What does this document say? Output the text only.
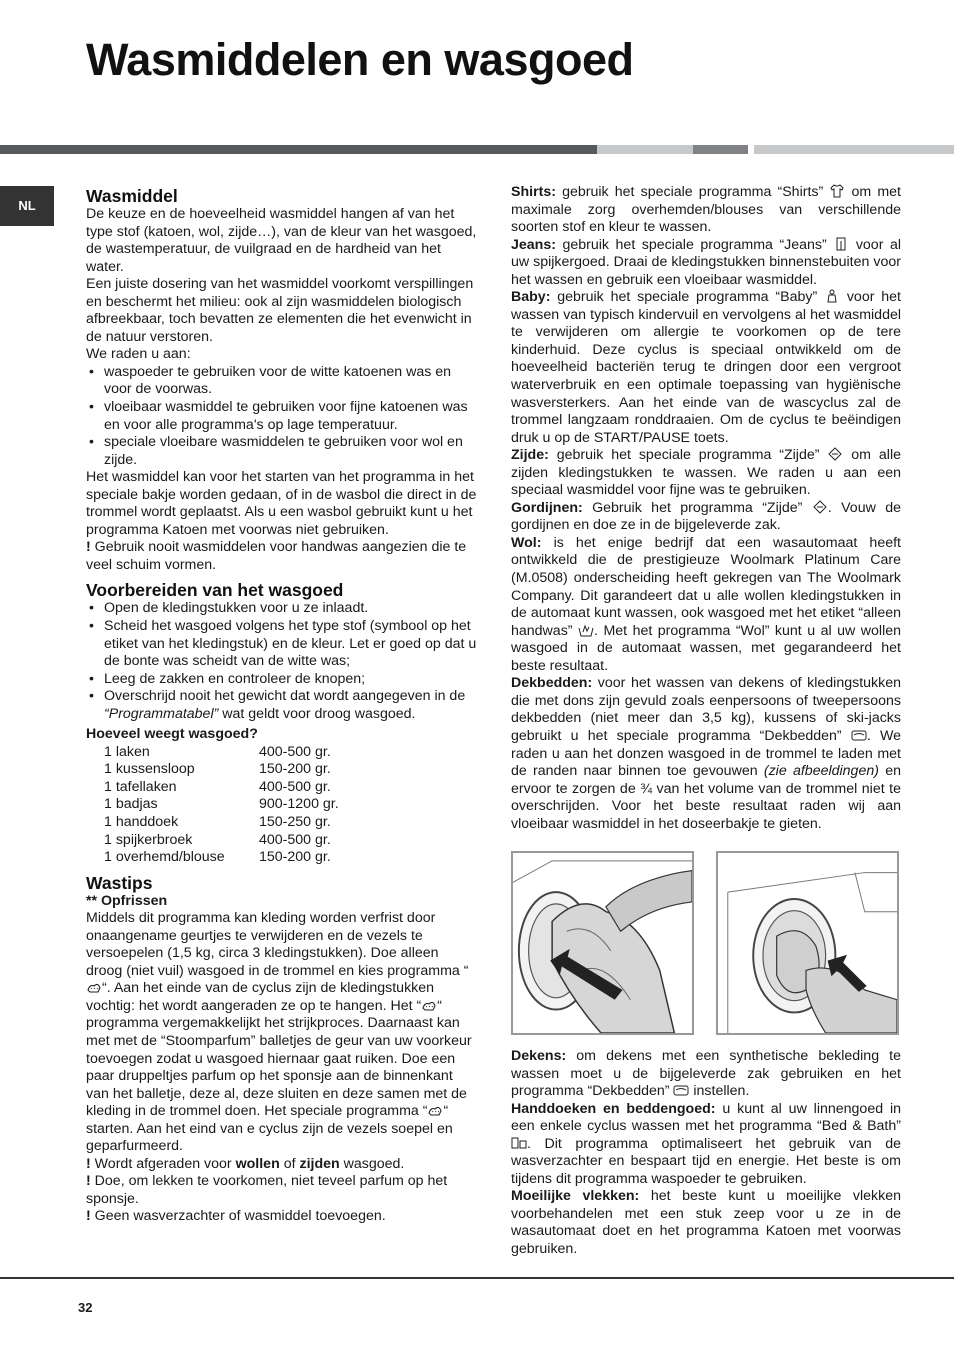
Wasmiddelen en wasgoed
NL	Wasmiddel

De keuze en de hoeveelheid wasmiddel hangen af van het type stof (katoen, wol, zijde…), van de kleur van het wasgoed, de wastemperatuur, de vuilgraad en de hardheid van het water.

Een juiste dosering van het wasmiddel voorkomt verspillingen en beschermt het milieu: ook al zijn wasmiddelen biologisch afbreekbaar, toch bevatten ze elementen die het evenwicht in de natuur verstoren.

We raden u aan:

• waspoeder te gebruiken voor de witte katoenen was en voor de voorwas.
• vloeibaar wasmiddel te gebruiken voor fijne katoenen was en voor alle programma's op lage temperatuur.
• speciale vloeibare wasmiddelen te gebruiken voor wol en zijde.

Het wasmiddel kan voor het starten van het programma in het speciale bakje worden gedaan, of in de wasbol die direct in de trommel wordt geplaatst. Als u een wasbol gebruikt kunt u het programma Katoen met voorwas niet gebruiken.

! Gebruik nooit wasmiddelen voor handwas aangezien die te veel schuim vormen.

Voorbereiden van het wasgoed
• Open de kledingstukken voor u ze inlaadt.
• Scheid het wasgoed volgens het type stof (symbool op het etiket van het kledingstuk) en de kleur. Let er goed op dat u de bonte was scheidt van de witte was;
• Leeg de zakken en controleer de knopen;
• Overschrijd nooit het gewicht dat wordt aangegeven in de “Programmatabel” wat geldt voor droog wasgoed.
Hoeveel weegt wasgoed?
1 laken	400-500 gr.
1 kussensloop	150-200 gr.
1 tafellaken	400-500 gr.
1 badjas	900-1200 gr.
1 handdoek	150-250 gr.
1 spijkerbroek	400-500 gr.
1 overhemd/blouse	150-200 gr.
Wastips
** Opfrissen

Middels dit programma kan kleding worden verfrist door onaangename geurtjes te verwijderen en de vezels te versoepelen (1,5 kg, circa 3 kledingstukken). Doe alleen droog (niet vuil) wasgoed in de trommel en kies programma “
“. Aan het einde van de cyclus zijn de kledingstukken vochtig: het wordt aangeraden ze op te hangen. Het “ “ programma vergemakkelijkt het strijkproces. Daarnaast kan met met de “Stoomparfum” balletjes de geur van uw voorkeur toevoegen zodat u wasgoed hiernaar gaat ruiken. Doe een paar druppeltjes parfum op het sponsje aan de binnenkant van het balletje, deze al, deze sluiten en deze samen met de kleding in de trommel doen. Het speciale programma “ “ starten. Aan het eind van e cyclus zijn de vezels soepel en geparfurmeerd.

! Wordt afgeraden voor wollen of zijden wasgoed.

! Doe, om lekken te voorkomen, niet teveel parfum op het sponsje.

! Geen wasverzachter of wasmiddel toevoegen.

Shirts: gebruik het speciale programma “Shirts”
om met maximale zorg overhemden/blouses van verschillende soorten stof en kleur te wassen.

Jeans: gebruik het speciale programma “Jeans”
voor al uw spijkergoed. Draai de kledingstukken binnenstebuiten voor het wassen en gebruik een vloeibaar wasmiddel.

Baby: gebruik het speciale programma “Baby”
voor het wassen van typisch kindervuil en vervolgens al het wasmiddel te verwijderen om allergie te voorkomen op de tere kinderhuid. Deze cyclus is speciaal ontwikkeld om de hoeveelheid bacteriën terug te dringen door een vergroot waterverbruik en een optimale toepassing van hygiënische wasversterkers. Aan het einde van de wascyclus zal de trommel langzaam ronddraaien. Om de cyclus te beëindigen druk u op de START/PAUSE toets.

Zijde: gebruik het speciale programma “Zijde”
om alle zijden kledingstukken te wassen. We raden u aan een speciaal wasmiddel voor fijne was te gebruiken.

Gordijnen: Gebruik het programma “Zijde”
. Vouw de gordijnen en doe ze in de bijgeleverde zak.

Wol: is het enige bedrijf dat een wasautomaat heeft ontwikkeld die de prestigieuze Woolmark Platinum Care (M.0508) onderscheiding heeft gekregen van The Woolmark Company. Dit garandeert dat u alle wollen kledingstukken in de automaat kunt wassen, ook wasgoed met het etiket “alleen handwas”
. Met het programma “Wol” kunt u al uw wollen wasgoed in de automaat wassen, met gegarandeerd het beste resultaat.

Dekbedden: voor het wassen van dekens of kledingstukken die met dons zijn gevuld zoals eenpersoons of tweepersoons dekbedden (niet meer dan 3,5 kg), kussens of ski-jacks gebruikt u het speciale programma “Dekbedden”
. We raden u aan het donzen wasgoed in de trommel te laden met de randen naar binnen toe gevouwen (zie afbeeldingen) en ervoor te zorgen de ¾ van het volume van de trommel niet te overschrijden. Voor het beste resultaat raden wij aan vloeibaar wasmiddel in het doseerbakje te gieten.

Dekens: om dekens met een synthetische bekleding te wassen moet u de bijgeleverde zak gebruiken en het programma “Dekbedden”
instellen.

Handdoeken en beddengoed: u kunt al uw linnengoed in een enkele cyclus wassen met het programma “Bed & Bath”
. Dit programma optimaliseert het gebruik van de wasverzachter en bespaart tijd en energie. Het beste is om tijdens dit programma waspoeder te gebruiken.

Moeilijke vlekken: het beste kunt u moeilijke vlekken voorbehandelen met een stuk zeep voor u ze in de wasautomaat doet en het programma Katoen met voorwas gebruiken.

32
